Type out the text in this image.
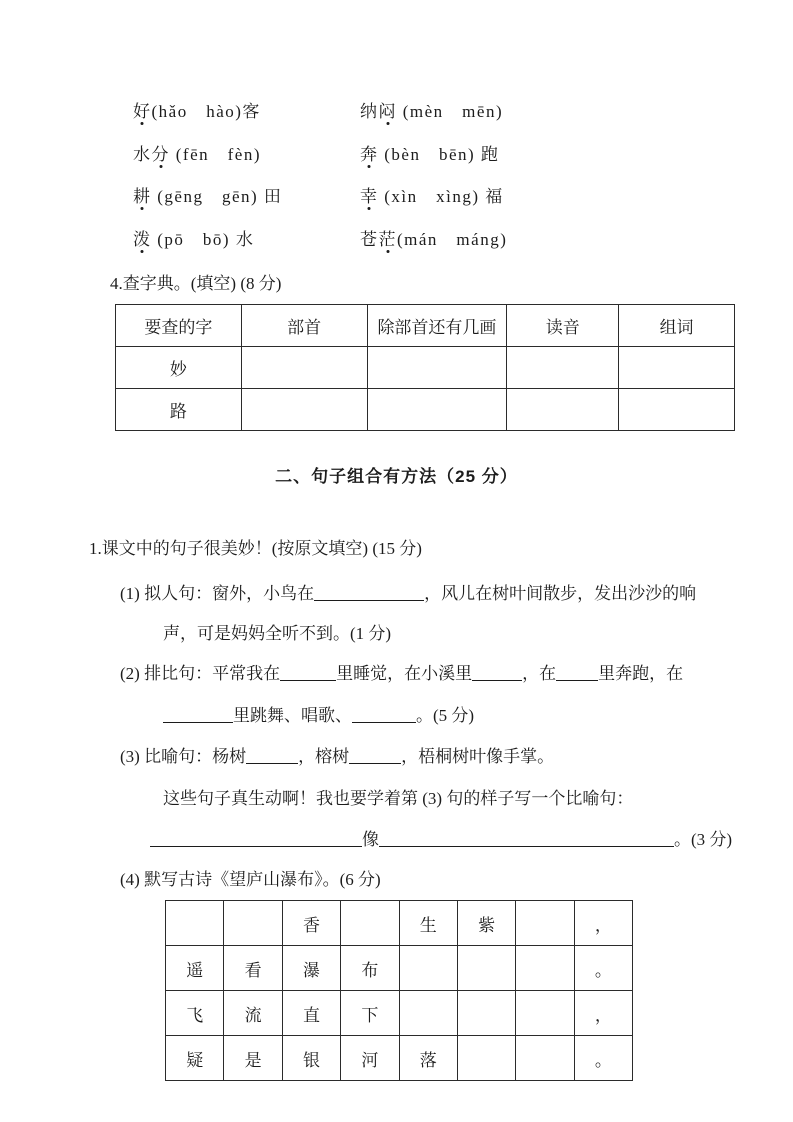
好(hǎo　hào)客	纳闷 (mèn　mēn)
水分 (fēn　fèn)	奔 (bèn　bēn) 跑
耕 (gēng　gēn) 田	幸 (xìn　xìng) 福
泼 (pō　bō) 水	苍茫(mán　máng)
4.查字典。(填空) (8 分)
要查的字	部首	除部首还有几画	读音	组词
妙				
路				
二、句子组合有方法（25 分）
1.课文中的句子很美妙！(按原文填空) (15 分)
(1) 拟人句：窗外，小鸟在	，风儿在树叶间散步，发出沙沙的响
声，可是妈妈全听不到。(1 分)
(2) 排比句：平常我在	里睡觉，在小溪里	，在 里奔跑，在
里跳舞、唱歌、	。(5 分)
(3) 比喻句：杨树	，榕树	，梧桐树叶像手掌。
这些句子真生动啊！我也要学着第 (3) 句的样子写一个比喻句：
像	。(3 分)
(4) 默写古诗《望庐山瀑布》。(6 分)
		香		生	紫		，
遥	看	瀑	布				。
飞	流	直	下				，
疑	是	银	河	落			。
